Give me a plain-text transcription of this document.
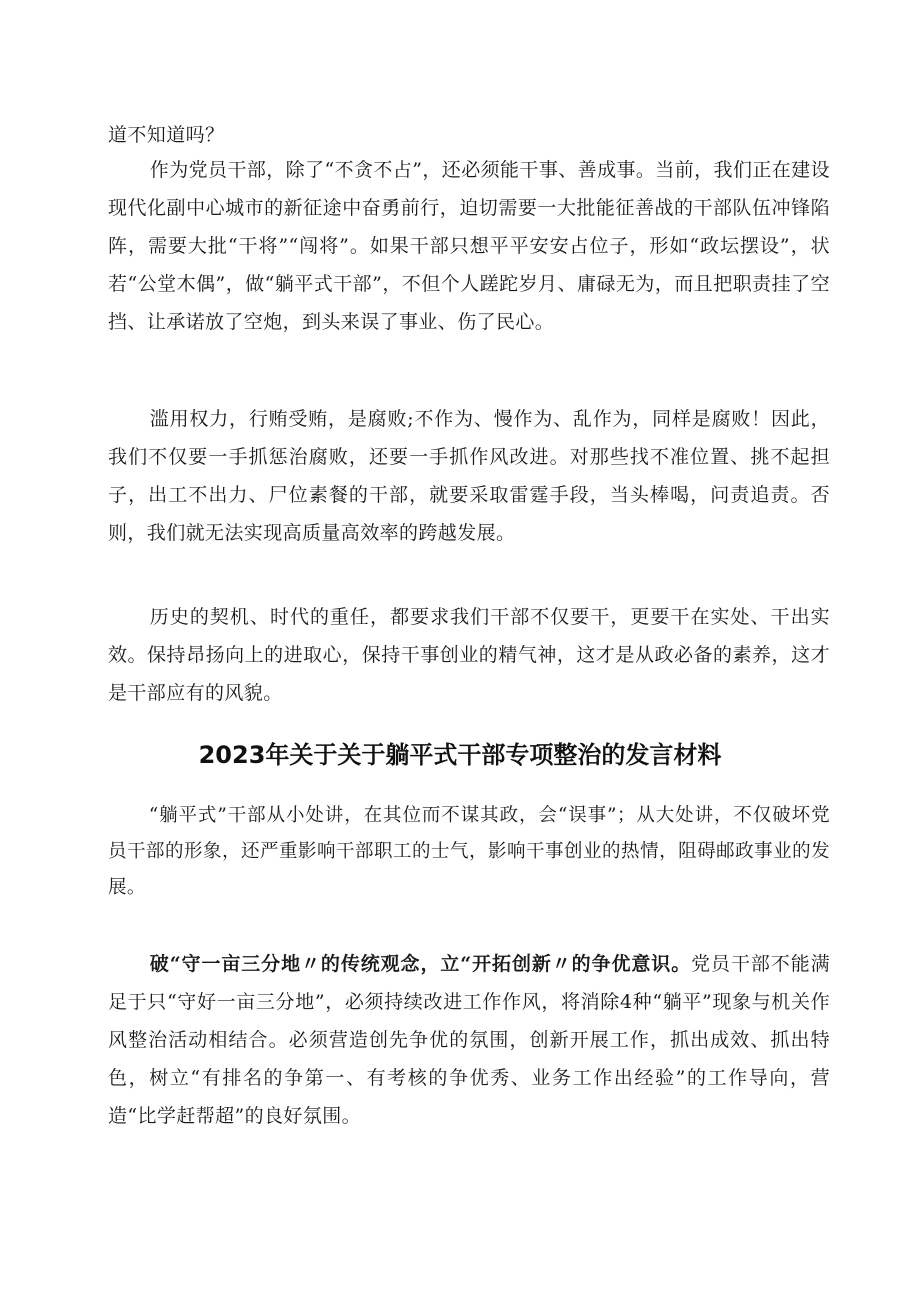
道不知道吗？

作为党员干部，除了“不贪不占”，还必须能干事、善成事。当前，我们正在建设现代化副中心城市的新征途中奋勇前行，迫切需要一大批能征善战的干部队伍冲锋陷阵，需要大批“干将”“闯将”。如果干部只想平平安安占位子，形如“政坛摆设”，状若“公堂木偶”，做“躺平式干部”，不但个人蹉跎岁月、庸碌无为，而且把职责挂了空挡、让承诺放了空炮，到头来误了事业、伤了民心。

滥用权力，行贿受贿，是腐败;不作为、慢作为、乱作为，同样是腐败！因此，我们不仅要一手抓惩治腐败，还要一手抓作风改进。对那些找不准位置、挑不起担子，出工不出力、尸位素餐的干部，就要采取雷霆手段，当头棒喝，问责追责。否则，我们就无法实现高质量高效率的跨越发展。

历史的契机、时代的重任，都要求我们干部不仅要干，更要干在实处、干出实效。保持昂扬向上的进取心，保持干事创业的精气神，这才是从政必备的素养，这才是干部应有的风貌。

2023年关于关于躺平式干部专项整治的发言材料

“躺平式”干部从小处讲，在其位而不谋其政，会“误事”；从大处讲，不仅破坏党员干部的形象，还严重影响干部职工的士气，影响干事创业的热情，阻碍邮政事业的发展。

破“守一亩三分地〃的传统观念，立“开拓创新〃的争优意识。党员干部不能满足于只“守好一亩三分地”，必须持续改进工作作风，将消除4种“躺平”现象与机关作风整治活动相结合。必须营造创先争优的氛围，创新开展工作，抓出成效、抓出特色，树立“有排名的争第一、有考核的争优秀、业务工作出经验”的工作导向，营造“比学赶帮超”的良好氛围。
